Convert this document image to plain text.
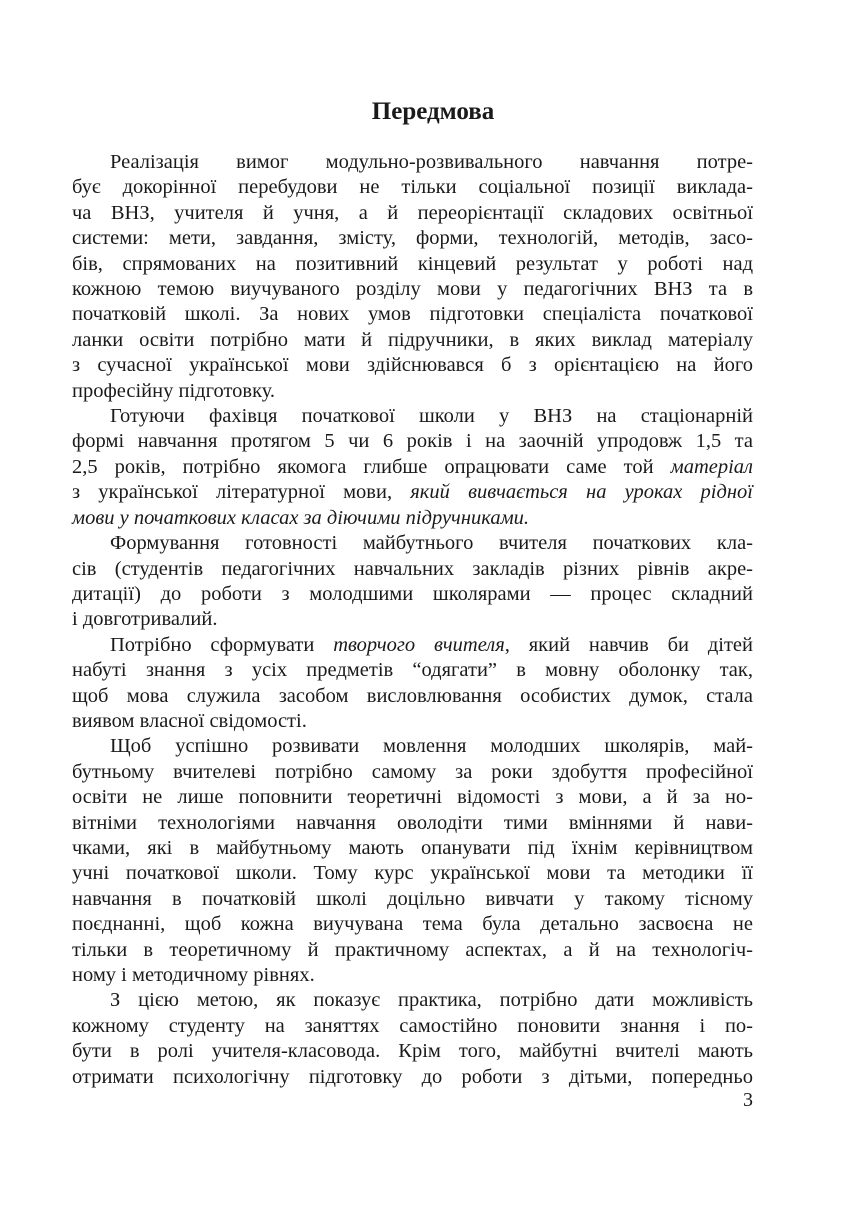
Передмова
Реалізація вимог модульно-розвивального навчання потре-
бує докорінної перебудови не тільки соціальної позиції виклада-
ча ВНЗ, учителя й учня, а й переорієнтації складових освітньої
системи: мети, завдання, змісту, форми, технологій, методів, засо-
бів, спрямованих на позитивний кінцевий результат у роботі над
кожною темою виучуваного розділу мови у педагогічних ВНЗ та в
початковій школі. За нових умов підготовки спеціаліста початкової
ланки освіти потрібно мати й підручники, в яких виклад матеріалу
з сучасної української мови здійснювався б з орієнтацією на його
професійну підготовку.
Готуючи фахівця початкової школи у ВНЗ на стаціонарній
формі навчання протягом 5 чи 6 років і на заочній упродовж 1,5 та
2,5 років, потрібно якомога глибше опрацювати саме той матеріал
з української літературної мови, який вивчається на уроках рідної
мови у початкових класах за діючими підручниками.
Формування готовності майбутнього вчителя початкових кла-
сів (студентів педагогічних навчальних закладів різних рівнів акре-
дитації) до роботи з молодшими школярами — процес складний
і довготривалий.
Потрібно сформувати творчого вчителя, який навчив би дітей
набуті знання з усіх предметів “одягати” в мовну оболонку так,
щоб мова служила засобом висловлювання особистих думок, стала
виявом власної свідомості.
Щоб успішно розвивати мовлення молодших школярів, май-
бутньому вчителеві потрібно самому за роки здобуття професійної
освіти не лише поповнити теоретичні відомості з мови, а й за но-
вітніми технологіями навчання оволодіти тими вміннями й нави-
чками, які в майбутньому мають опанувати під їхнім керівництвом
учні початкової школи. Тому курс української мови та методики її
навчання в початковій школі доцільно вивчати у такому тісному
поєднанні, щоб кожна виучувана тема була детально засвоєна не
тільки в теоретичному й практичному аспектах, а й на технологіч-
ному і методичному рівнях.
З цією метою, як показує практика, потрібно дати можливість
кожному студенту на заняттях самостійно поновити знання і по-
бути в ролі учителя-класовода. Крім того, майбутні вчителі мають
отримати психологічну підготовку до роботи з дітьми, попередньо
3
